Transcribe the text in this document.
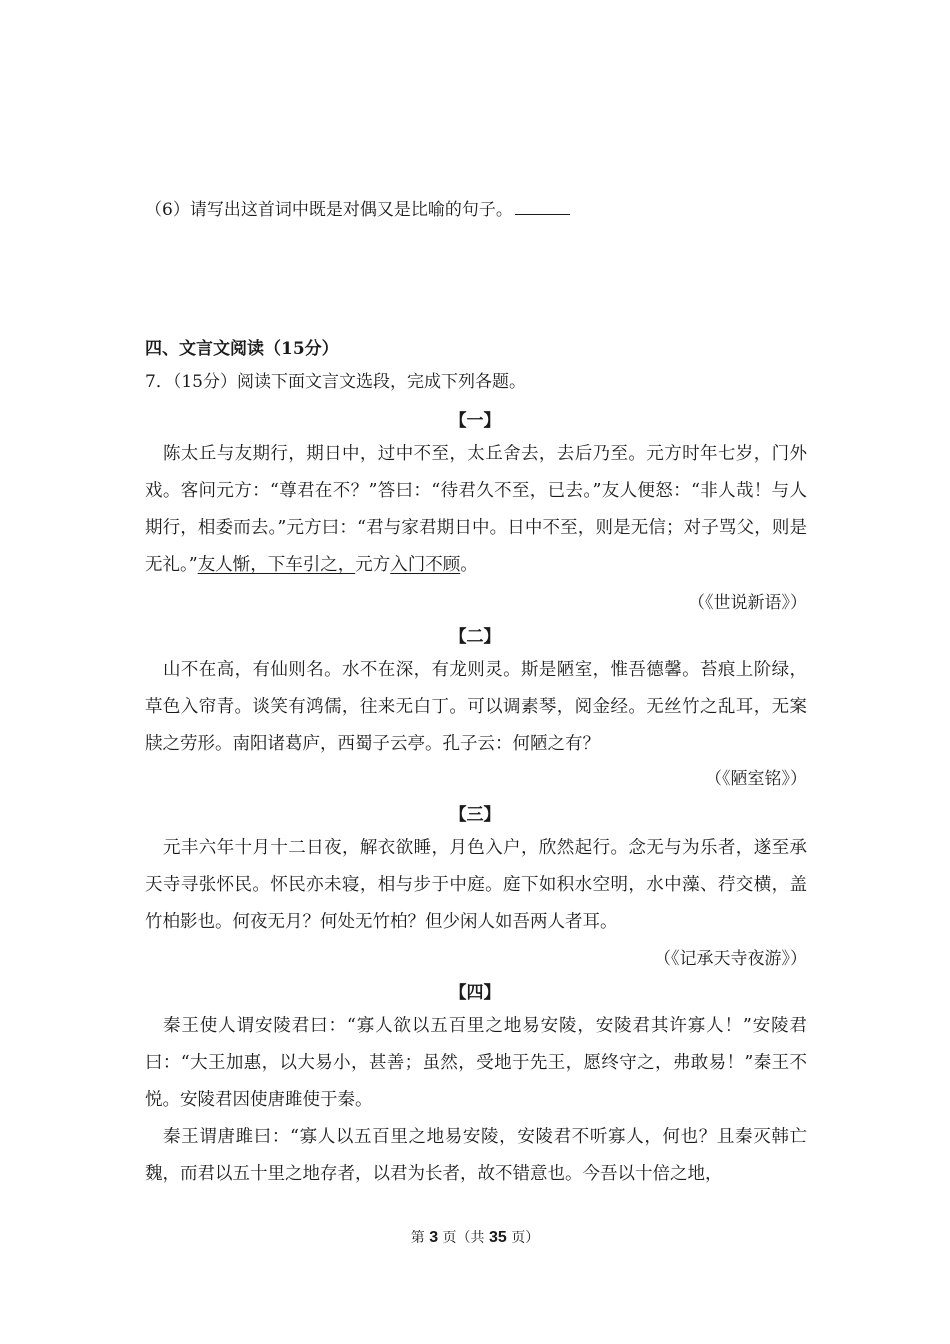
（6）请写出这首词中既是对偶又是比喻的句子。
四、文言文阅读（15分）
7．（15分）阅读下面文言文选段，完成下列各题。
【一】
陈太丘与友期行，期日中，过中不至，太丘舍去，去后乃至。元方时年七岁，门外戏。客问元方：“尊君在不？”答曰：“待君久不至，已去。”友人便怒：“非人哉！与人期行，相委而去。”元方曰：“君与家君期日中。日中不至，则是无信；对子骂父，则是无礼。”友人惭，下车引之，元方入门不顾。
（《世说新语》）
【二】
山不在高，有仙则名。水不在深，有龙则灵。斯是陋室，惟吾德馨。苔痕上阶绿，草色入帘青。谈笑有鸿儒，往来无白丁。可以调素琴，阅金经。无丝竹之乱耳，无案牍之劳形。南阳诸葛庐，西蜀子云亭。孔子云：何陋之有？
（《陋室铭》）
【三】
元丰六年十月十二日夜，解衣欲睡，月色入户，欣然起行。念无与为乐者，遂至承天寺寻张怀民。怀民亦未寝，相与步于中庭。庭下如积水空明，水中藻、荇交横，盖竹柏影也。何夜无月？何处无竹柏？但少闲人如吾两人者耳。
（《记承天寺夜游》）
【四】
秦王使人谓安陵君曰：“寡人欲以五百里之地易安陵，安陵君其许寡人！”安陵君曰：“大王加惠，以大易小，甚善；虽然，受地于先王，愿终守之，弗敢易！”秦王不悦。安陵君因使唐雎使于秦。
秦王谓唐雎曰：“寡人以五百里之地易安陵，安陵君不听寡人，何也？且秦灭韩亡魏，而君以五十里之地存者，以君为长者，故不错意也。今吾以十倍之地，
第 3 页（共 35 页）
